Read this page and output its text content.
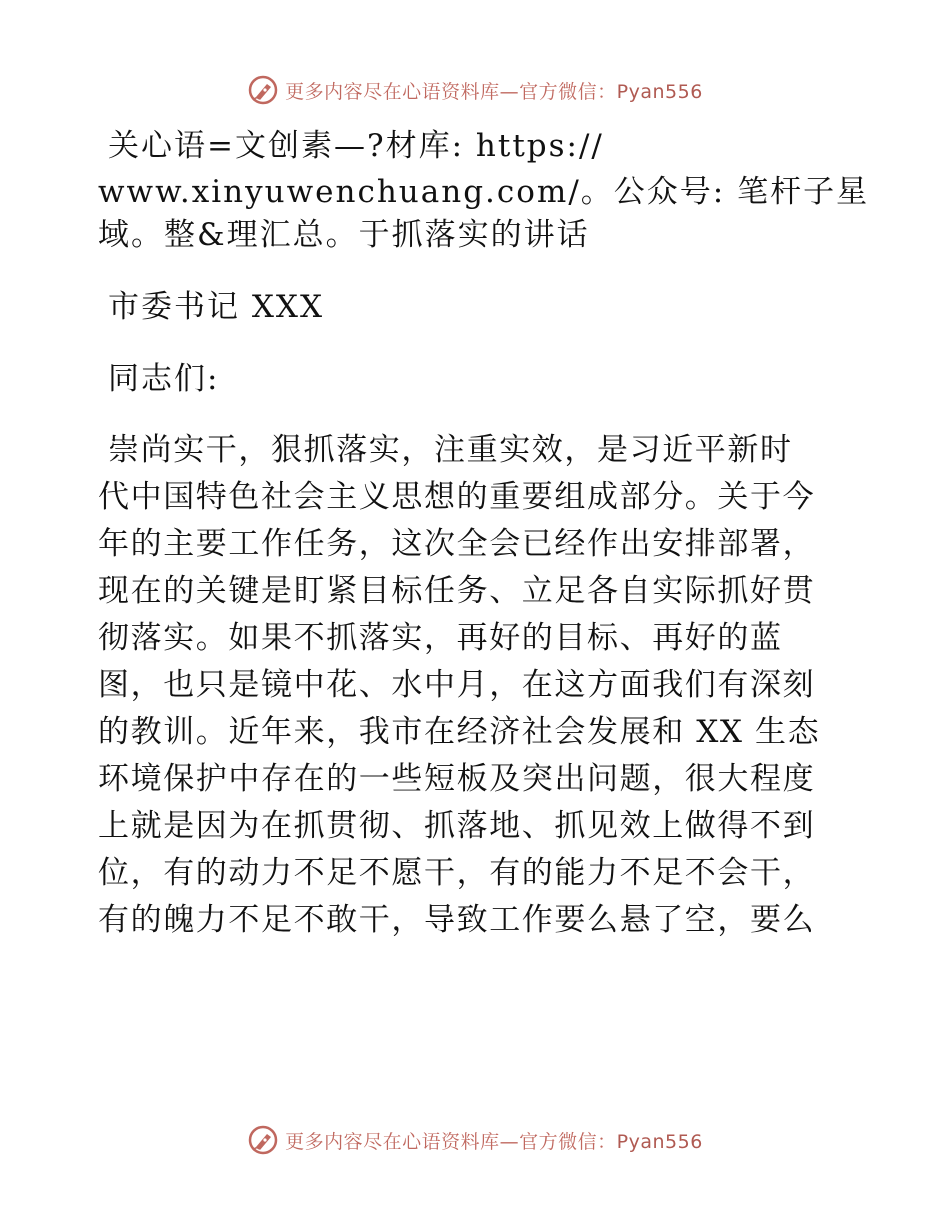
更多内容尽在心语资料库—官方微信：Pyan556
关心语=文创素—?材库: https://
www.xinyuwenchuang.com/。公众号: 笔杆子星
域。整&理汇总。于抓落实的讲话
市委书记 XXX
同志们:
崇尚实干，狠抓落实，注重实效，是习近平新时
代中国特色社会主义思想的重要组成部分。关于今
年的主要工作任务，这次全会已经作出安排部署，
现在的关键是盯紧目标任务、立足各自实际抓好贯
彻落实。如果不抓落实，再好的目标、再好的蓝
图，也只是镜中花、水中月，在这方面我们有深刻
的教训。近年来，我市在经济社会发展和 XX 生态
环境保护中存在的一些短板及突出问题，很大程度
上就是因为在抓贯彻、抓落地、抓见效上做得不到
位，有的动力不足不愿干，有的能力不足不会干，
有的魄力不足不敢干，导致工作要么悬了空，要么
更多内容尽在心语资料库—官方微信：Pyan556
